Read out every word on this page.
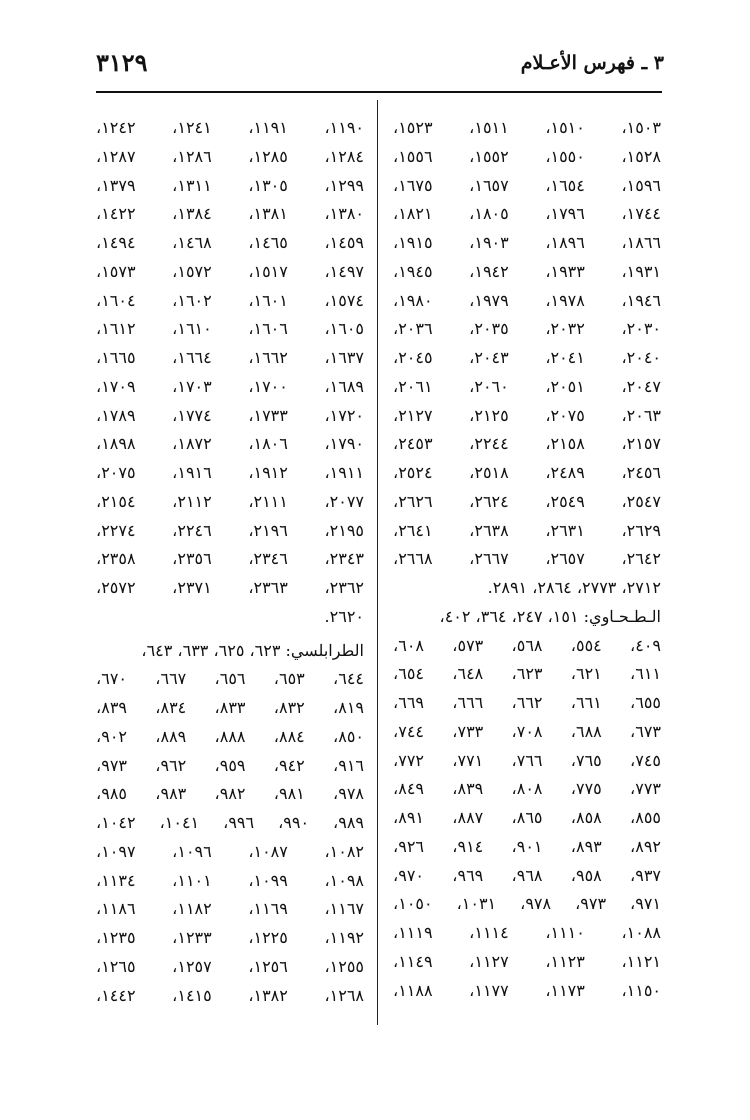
٣١٢٩	٣ ـ فهرس الأعـلام
١٥٠٣،
١٥١٠،
١٥١١،
١٥٢٣،
١٥٢٨،
١٥٥٠،
١٥٥٢،
١٥٥٦،
١٥٩٦،
١٦٥٤،
١٦٥٧،
١٦٧٥،
١٧٤٤،
١٧٩٦،
١٨٠٥،
١٨٢١،
١٨٦٦،
١٨٩٦،
١٩٠٣،
١٩١٥،
١٩٣١،
١٩٣٣،
١٩٤٢،
١٩٤٥،
١٩٤٦،
١٩٧٨،
١٩٧٩،
١٩٨٠،
٢٠٣٠،
٢٠٣٢،
٢٠٣٥،
٢٠٣٦،
٢٠٤٠،
٢٠٤١،
٢٠٤٣،
٢٠٤٥،
٢٠٤٧،
٢٠٥١،
٢٠٦٠،
٢٠٦١،
٢٠٦٣،
٢٠٧٥،
٢١٢٥،
٢١٢٧،
٢١٥٧،
٢١٥٨،
٢٢٤٤،
٢٤٥٣،
٢٤٥٦،
٢٤٨٩،
٢٥١٨،
٢٥٢٤،
٢٥٤٧،
٢٥٤٩،
٢٦٢٤،
٢٦٢٦،
٢٦٢٩،
٢٦٣١،
٢٦٣٨،
٢٦٤١،
٢٦٤٢،
٢٦٥٧،
٢٦٦٧،
٢٦٦٨،
٢٧١٢، ٢٧٧٣، ٢٨٦٤، ٢٨٩١.
الـطـحـاوي: ١٥١، ٢٤٧، ٣٦٤، ٤٠٢،
٤٠٩،
٥٥٤،
٥٦٨،
٥٧٣،
٦٠٨،
٦١١،
٦٢١،
٦٢٣،
٦٤٨،
٦٥٤،
٦٥٥،
٦٦١،
٦٦٢،
٦٦٦،
٦٦٩،
٦٧٣،
٦٨٨،
٧٠٨،
٧٣٣،
٧٤٤،
٧٤٥،
٧٦٥،
٧٦٦،
٧٧١،
٧٧٢،
٧٧٣،
٧٧٥،
٨٠٨،
٨٣٩،
٨٤٩،
٨٥٥،
٨٥٨،
٨٦٥،
٨٨٧،
٨٩١،
٨٩٢،
٨٩٣،
٩٠١،
٩١٤،
٩٢٦،
٩٣٧،
٩٥٨،
٩٦٨،
٩٦٩،
٩٧٠،
٩٧١،
٩٧٣،
٩٧٨،
١٠٣١،
١٠٥٠،
١٠٨٨،
١١١٠،
١١١٤،
١١١٩،
١١٢١،
١١٢٣،
١١٢٧،
١١٤٩،
١١٥٠،
١١٧٣،
١١٧٧،
١١٨٨،
١١٩٠،
١١٩١،
١٢٤١،
١٢٤٢،
١٢٨٤،
١٢٨٥،
١٢٨٦،
١٢٨٧،
١٢٩٩،
١٣٠٥،
١٣١١،
١٣٧٩،
١٣٨٠،
١٣٨١،
١٣٨٤،
١٤٢٢،
١٤٥٩،
١٤٦٥،
١٤٦٨،
١٤٩٤،
١٤٩٧،
١٥١٧،
١٥٧٢،
١٥٧٣،
١٥٧٤،
١٦٠١،
١٦٠٢،
١٦٠٤،
١٦٠٥،
١٦٠٦،
١٦١٠،
١٦١٢،
١٦٣٧،
١٦٦٢،
١٦٦٤،
١٦٦٥،
١٦٨٩،
١٧٠٠،
١٧٠٣،
١٧٠٩،
١٧٢٠،
١٧٣٣،
١٧٧٤،
١٧٨٩،
١٧٩٠،
١٨٠٦،
١٨٧٢،
١٨٩٨،
١٩١١،
١٩١٢،
١٩١٦،
٢٠٧٥،
٢٠٧٧،
٢١١١،
٢١١٢،
٢١٥٤،
٢١٩٥،
٢١٩٦،
٢٢٤٦،
٢٢٧٤،
٢٣٤٣،
٢٣٤٦،
٢٣٥٦،
٢٣٥٨،
٢٣٦٢،
٢٣٦٣،
٢٣٧١،
٢٥٧٢،
٢٦٢٠.
الطرابلسي: ٦٢٣، ٦٢٥، ٦٣٣، ٦٤٣،
٦٤٤،
٦٥٣،
٦٥٦،
٦٦٧،
٦٧٠،
٨١٩،
٨٣٢،
٨٣٣،
٨٣٤،
٨٣٩،
٨٥٠،
٨٨٤،
٨٨٨،
٨٨٩،
٩٠٢،
٩١٦،
٩٤٢،
٩٥٩،
٩٦٢،
٩٧٣،
٩٧٨،
٩٨١،
٩٨٢،
٩٨٣،
٩٨٥،
٩٨٩،
٩٩٠،
٩٩٦،
١٠٤١،
١٠٤٢،
١٠٨٢،
١٠٨٧،
١٠٩٦،
١٠٩٧،
١٠٩٨،
١٠٩٩،
١١٠١،
١١٣٤،
١١٦٧،
١١٦٩،
١١٨٢،
١١٨٦،
١١٩٢،
١٢٢٥،
١٢٣٣،
١٢٣٥،
١٢٥٥،
١٢٥٦،
١٢٥٧،
١٢٦٥،
١٢٦٨،
١٣٨٢،
١٤١٥،
١٤٤٢،
